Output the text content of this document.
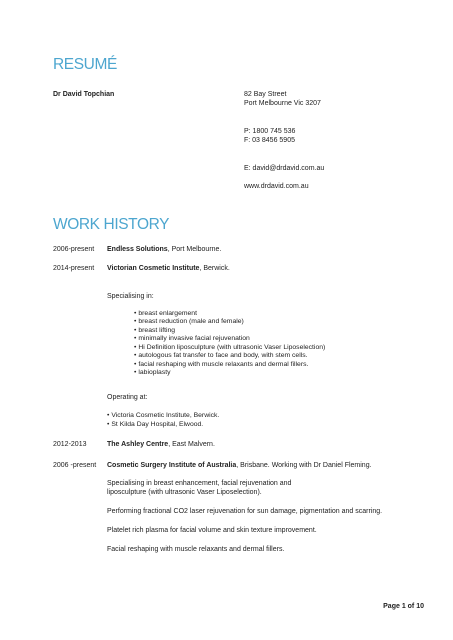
RESUMÉ
Dr David Topchian	82 Bay Street
Port Melbourne Vic 3207
P: 1800 745 536
F: 03 8456 5905
E: david@drdavid.com.au
www.drdavid.com.au
WORK HISTORY
2006-present Endless Solutions, Port Melbourne.
2014-present Victorian Cosmetic Institute, Berwick.
Specialising in:
• breast enlargement
• breast reduction (male and female)
• breast lifting
• minimally invasive facial rejuvenation
• Hi Definition liposculpture (with ultrasonic Vaser Liposelection)
• autologous fat transfer to face and body, with stem cells.
• facial reshaping with muscle relaxants and dermal fillers.
• labioplasty
Operating at:
• Victoria Cosmetic Institute, Berwick.
• St Kilda Day Hospital, Elwood.
2012-2013	The Ashley Centre, East Malvern.
2006 -present Cosmetic Surgery Institute of Australia, Brisbane. Working with Dr Daniel Fleming.

Specialising in breast enhancement, facial rejuvenation and

liposculpture (with ultrasonic Vaser Liposelection).

Performing fractional CO2 laser rejuvenation for sun damage, pigmentation and scarring.
Platelet rich plasma for facial volume and skin texture improvement.
Facial reshaping with muscle relaxants and dermal fillers.
Page 1 of 10
